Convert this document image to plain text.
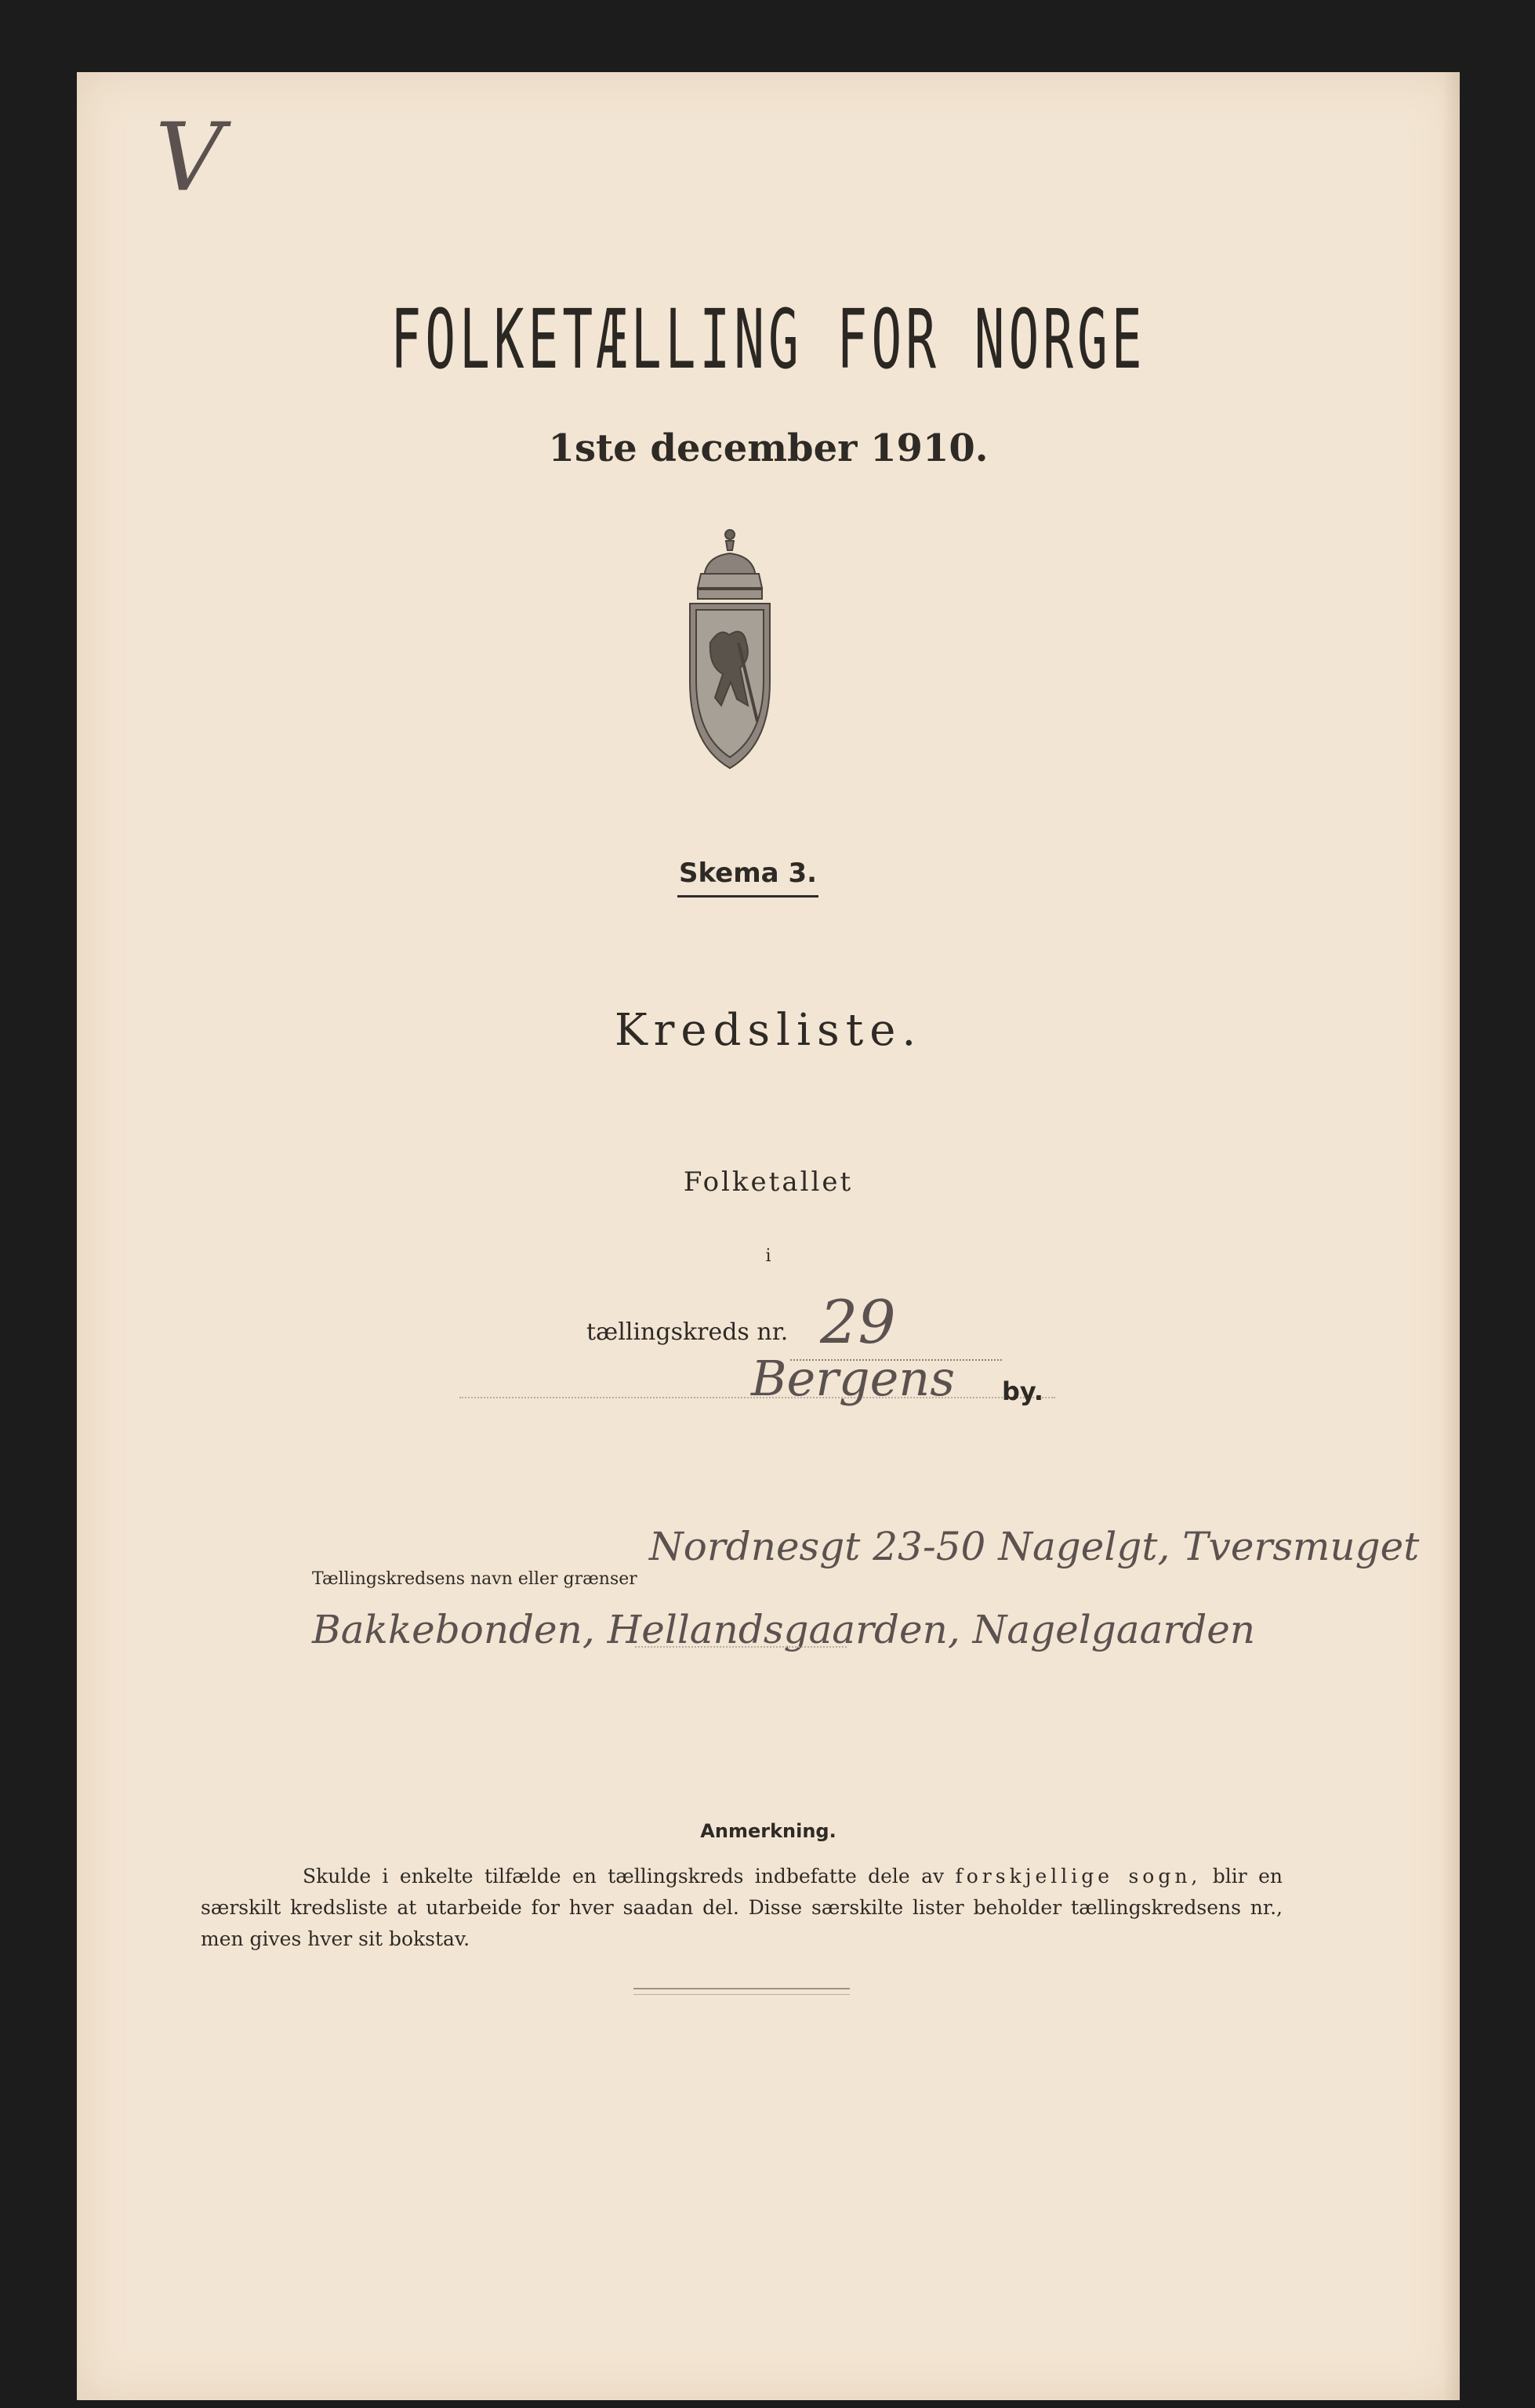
V
FOLKETÆLLING FOR NORGE
1ste december 1910.
Skema 3.
Kredsliste.
Folketallet
i
tællingskreds nr. 29
Bergens by.
Tællingskredsens navn eller grænser
Nordnesgt 23-50 Nagelgt, Tversmuget
Bakkebonden, Hellandsgaarden, Nagelgaarden
Anmerkning.
Skulde i enkelte tilfælde en tællingskreds indbefatte dele av forskjellige sogn, blir en særskilt kredsliste at utarbeide for hver saadan del. Disse særskilte lister beholder tællingskredsens nr., men gives hver sit bokstav.
